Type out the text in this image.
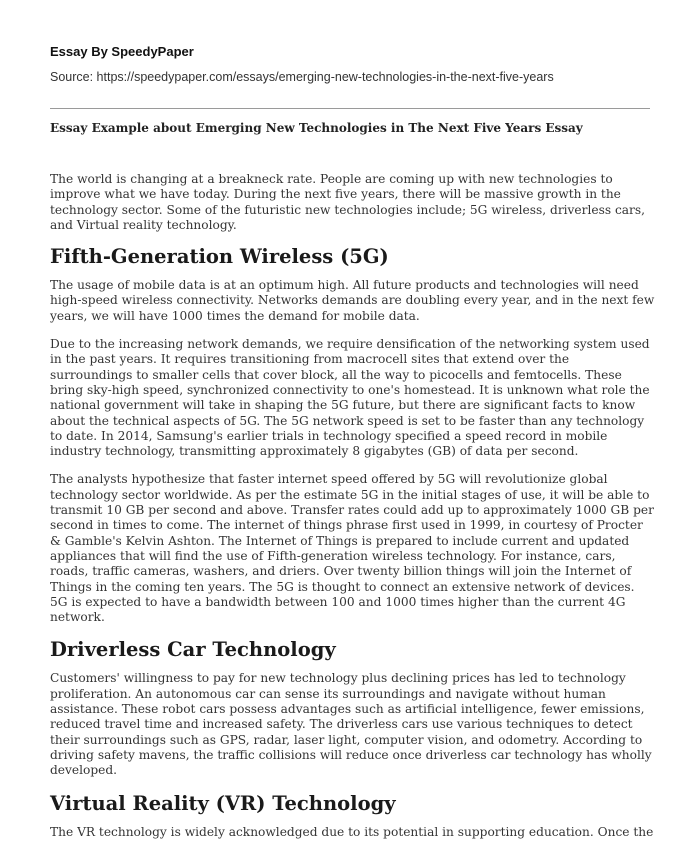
Essay By SpeedyPaper
Source: https://speedypaper.com/essays/emerging-new-technologies-in-the-next-five-years
Essay Example about Emerging New Technologies in The Next Five Years Essay

The world is changing at a breakneck rate. People are coming up with new technologies to improve what we have today. During the next five years, there will be massive growth in the technology sector. Some of the futuristic new technologies include; 5G wireless, driverless cars, and Virtual reality technology.

Fifth-Generation Wireless (5G)

The usage of mobile data is at an optimum high. All future products and technologies will need high-speed wireless connectivity. Networks demands are doubling every year, and in the next few years, we will have 1000 times the demand for mobile data.

Due to the increasing network demands, we require densification of the networking system used in the past years. It requires transitioning from macrocell sites that extend over the surroundings to smaller cells that cover block, all the way to picocells and femtocells. These bring sky-high speed, synchronized connectivity to one's homestead. It is unknown what role the national government will take in shaping the 5G future, but there are significant facts to know about the technical aspects of 5G. The 5G network speed is set to be faster than any technology to date. In 2014, Samsung's earlier trials in technology specified a speed record in mobile industry technology, transmitting approximately 8 gigabytes (GB) of data per second.

The analysts hypothesize that faster internet speed offered by 5G will revolutionize global technology sector worldwide. As per the estimate 5G in the initial stages of use, it will be able to transmit 10 GB per second and above. Transfer rates could add up to approximately 1000 GB per second in times to come. The internet of things phrase first used in 1999, in courtesy of Procter & Gamble's Kelvin Ashton. The Internet of Things is prepared to include current and updated appliances that will find the use of Fifth-generation wireless technology. For instance, cars, roads, traffic cameras, washers, and driers. Over twenty billion things will join the Internet of Things in the coming ten years. The 5G is thought to connect an extensive network of devices. 5G is expected to have a bandwidth between 100 and 1000 times higher than the current 4G network.

Driverless Car Technology

Customers' willingness to pay for new technology plus declining prices has led to technology proliferation. An autonomous car can sense its surroundings and navigate without human assistance. These robot cars possess advantages such as artificial intelligence, fewer emissions, reduced travel time and increased safety. The driverless cars use various techniques to detect their surroundings such as GPS, radar, laser light, computer vision, and odometry. According to driving safety mavens, the traffic collisions will reduce once driverless car technology has wholly developed.

Virtual Reality (VR) Technology

The VR technology is widely acknowledged due to its potential in supporting education. Once the
